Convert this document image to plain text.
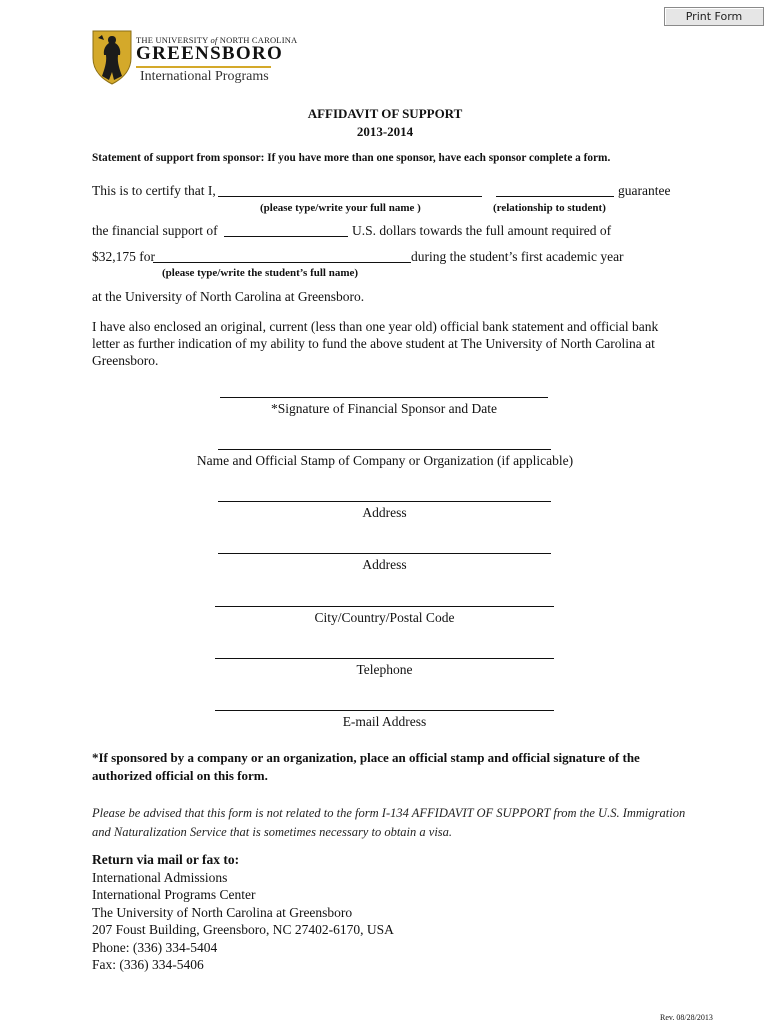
Print Form
THE UNIVERSITY of NORTH CAROLINA
GREENSBORO
International Programs
AFFIDAVIT OF SUPPORT
2013-2014
Statement of support from sponsor: If you have more than one sponsor, have each sponsor complete a form.
This is to certify that I,	guarantee
(please type/write your full name )	(relationship to student)
the financial support of	U.S. dollars towards the full amount required of
$32,175 for	during the student’s first academic year
(please type/write the student’s full name)
at the University of North Carolina at Greensboro.
I have also enclosed an original, current (less than one year old) official bank statement and official bank
letter as further indication of my ability to fund the above student at The University of North Carolina at
Greensboro.
*Signature of Financial Sponsor and Date
Name and Official Stamp of Company or Organization (if applicable)
Address
Address
City/Country/Postal Code
Telephone
E-mail Address
*If sponsored by a company or an organization, place an official stamp and official signature of the authorized official on this form.
Please be advised that this form is not related to the form I-134 AFFIDAVIT OF SUPPORT from the U.S. Immigration and Naturalization Service that is sometimes necessary to obtain a visa.
Return via mail or fax to:
International Admissions
International Programs Center
The University of North Carolina at Greensboro
207 Foust Building, Greensboro, NC 27402-6170, USA
Phone: (336) 334-5404
Fax: (336) 334-5406
Rev. 08/28/2013
